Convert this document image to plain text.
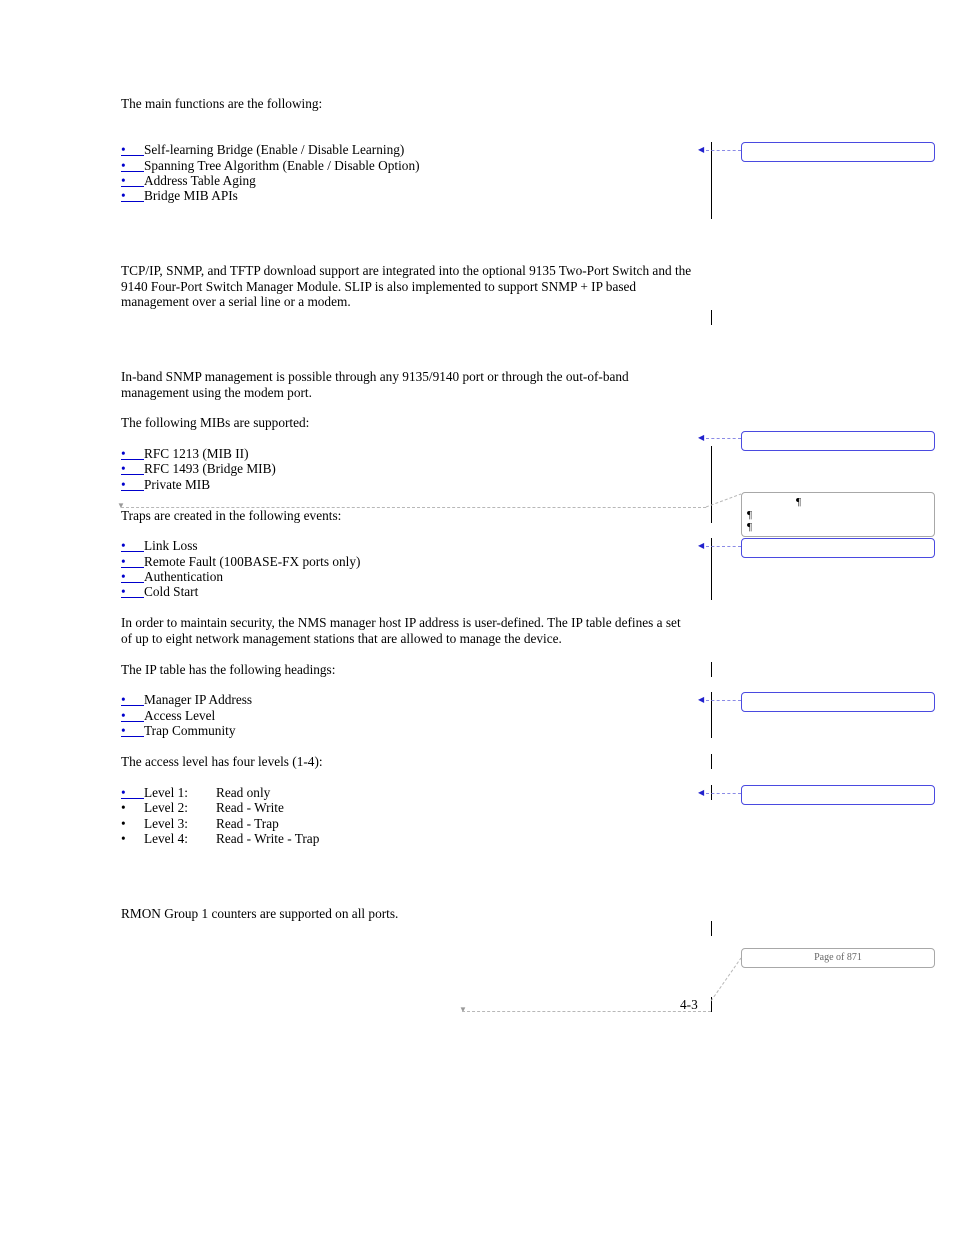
The main functions are the following:
• Self-learning Bridge (Enable / Disable Learning)
• Spanning Tree Algorithm (Enable / Disable Option)
• Address Table Aging
• Bridge MIB APIs
TCP/IP, SNMP, and TFTP download support are integrated into the optional 9135 Two-Port Switch and the 9140 Four-Port Switch Manager Module. SLIP is also implemented to support SNMP + IP based management over a serial line or a modem.
In-band SNMP management is possible through any 9135/9140 port or through the out-of-band management using the modem port.
The following MIBs are supported:
• RFC 1213 (MIB II)
• RFC 1493 (Bridge MIB)
• Private MIB
Traps are created in the following events:
• Link Loss
• Remote Fault (100BASE-FX ports only)
• Authentication
• Cold Start
In order to maintain security, the NMS manager host IP address is user-defined. The IP table defines a set of up to eight network management stations that are allowed to manage the device.
The IP table has the following headings:
• Manager IP Address
• Access Level
• Trap Community
The access level has four levels (1-4):
• Level 1: Read only
• Level 2: Read - Write
• Level 3: Read - Trap
• Level 4: Read - Write - Trap
RMON Group 1 counters are supported on all ports.
4-3
◀
◀
◀
◀
◀
▼
▼
¶
¶
¶
Page of 871
